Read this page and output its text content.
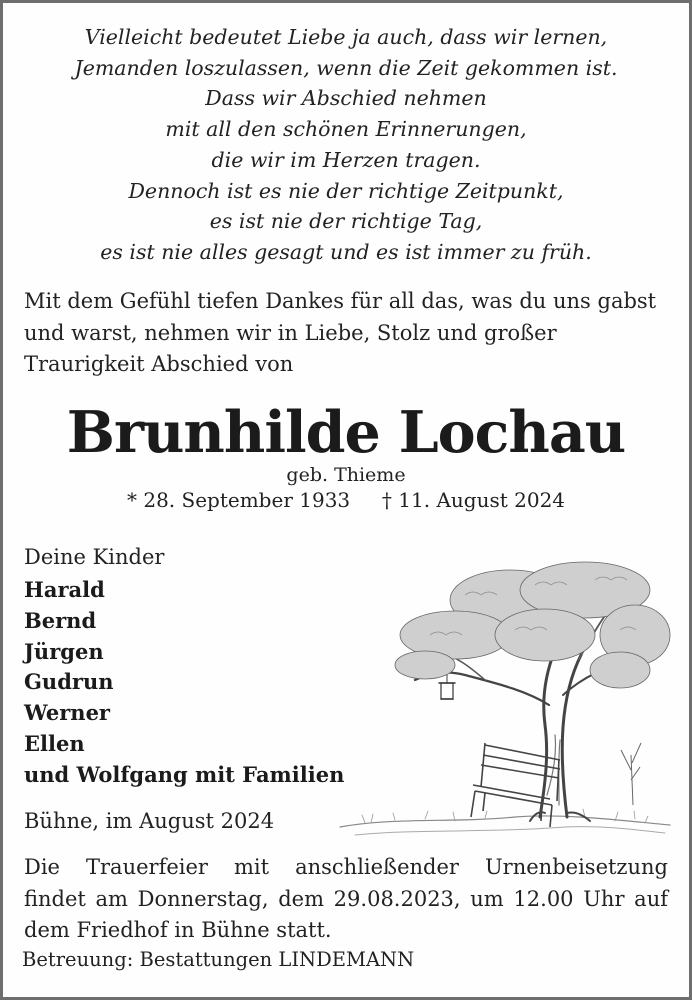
Vielleicht bedeutet Liebe ja auch, dass wir lernen,
Jemanden loszulassen, wenn die Zeit gekommen ist.
Dass wir Abschied nehmen
mit all den schönen Erinnerungen,
die wir im Herzen tragen.
Dennoch ist es nie der richtige Zeitpunkt,
es ist nie der richtige Tag,
es ist nie alles gesagt und es ist immer zu früh.
Mit dem Gefühl tiefen Dankes für all das, was du uns gabst
und warst, nehmen wir in Liebe, Stolz und großer
Traurigkeit Abschied von
Brunhilde Lochau
geb. Thieme
* 28. September 1933     † 11. August 2024
Deine Kinder
Harald
Bernd
Jürgen
Gudrun
Werner
Ellen
und Wolfgang mit Familien
Bühne, im August 2024
Die Trauerfeier mit anschließender Urnenbeisetzung
findet am Donnerstag, dem 29.08.2023, um 12.00 Uhr auf
dem Friedhof in Bühne statt.
Betreuung: Bestattungen LINDEMANN
